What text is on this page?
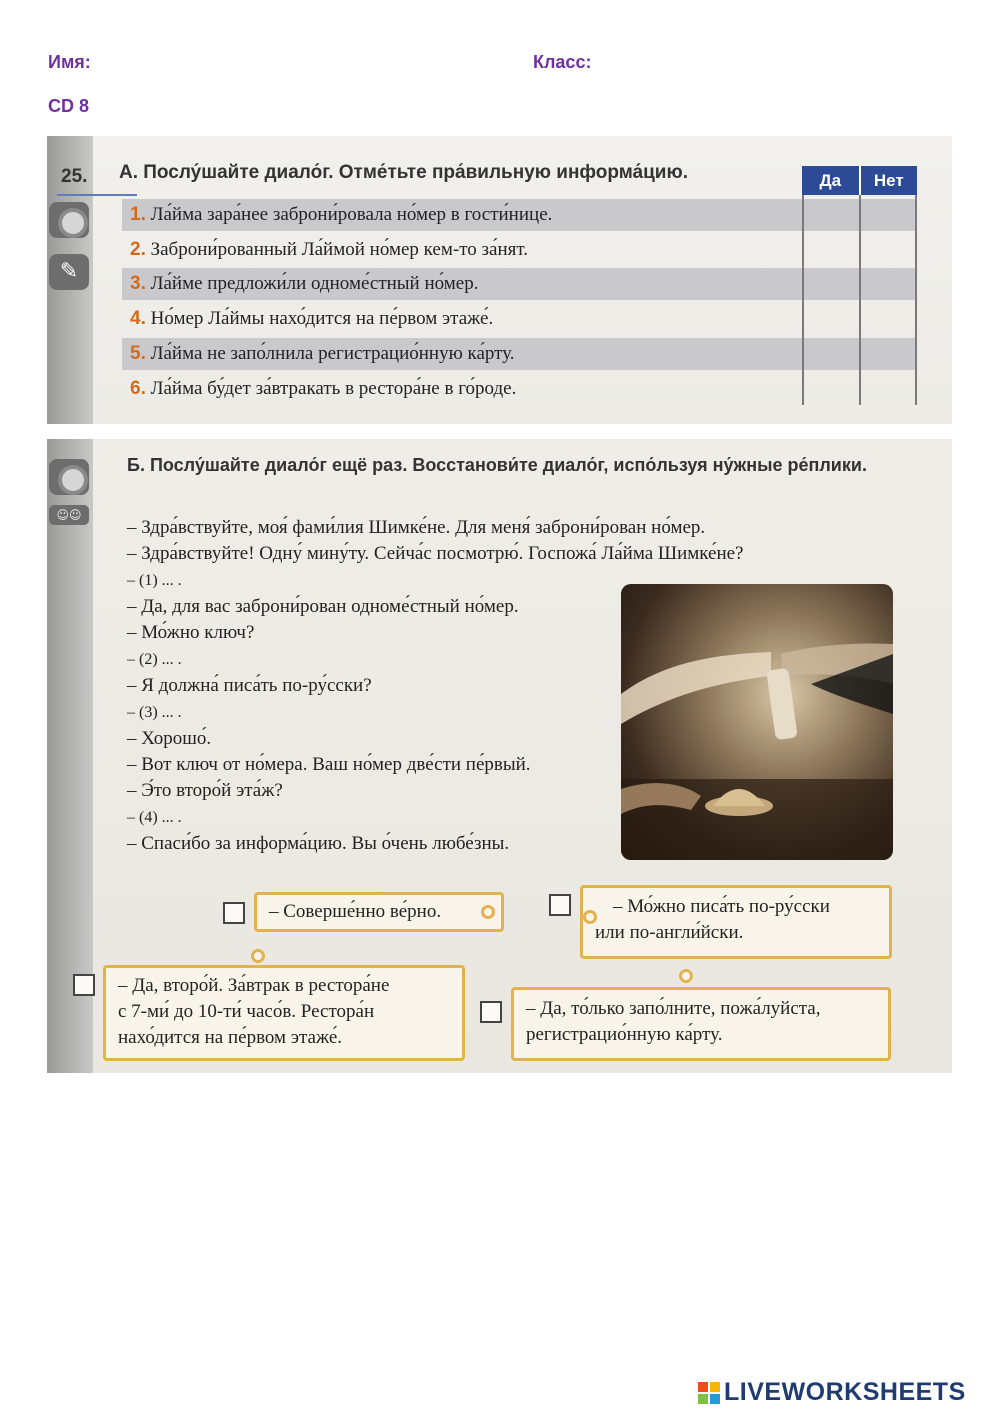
Имя:	Класс:
CD 8
✎
25. А. Послу́шайте диало́г. Отме́тьте пра́вильную информа́цию.	Да	Нет
1. Ла́йма зара́нее заброни́ровала но́мер в гости́нице.
2. Заброни́рованный Ла́ймой но́мер кем-то за́нят.
3. Ла́йме предложи́ли одноме́стный но́мер.
4. Но́мер Ла́ймы нахо́дится на пе́рвом этаже́.
5. Ла́йма не запо́лнила регистрацио́нную ка́рту.
6. Ла́йма бу́дет за́втракать в рестора́не в го́роде.
☺☺
Б. Послу́шайте диало́г ещё раз. Восстанови́те диало́г, испо́льзуя ну́жные ре́плики.
– Здра́вствуйте, моя́ фами́лия Шимке́не. Для меня́ заброни́рован но́мер.
– Здра́вствуйте! Одну́ мину́ту. Сейча́с посмотрю́. Госпожа́ Ла́йма Шимке́не?
– (1) ... .
– Да, для вас заброни́рован одноме́стный но́мер.
– Мо́жно ключ?
– (2) ... .
– Я должна́ писа́ть по-ру́сски?
– (3) ... .
– Хорошо́.
– Вот ключ от но́мера. Ваш но́мер две́сти пе́рвый.
– Э́то второ́й эта́ж?
– (4) ... .
– Спаси́бо за информа́цию. Вы о́чень любе́зны.
– Соверше́нно ве́рно.	– Мо́жно писа́ть по-ру́сски
или по-англи́йски.
– Да, второ́й. За́втрак в рестора́не
с 7-ми́ до 10-ти́ часо́в. Рестора́н
нахо́дится на пе́рвом этаже́.
– Да, то́лько запо́лните, пожа́луйста,
регистрацио́нную ка́рту.
LIVEWORKSHEETS
